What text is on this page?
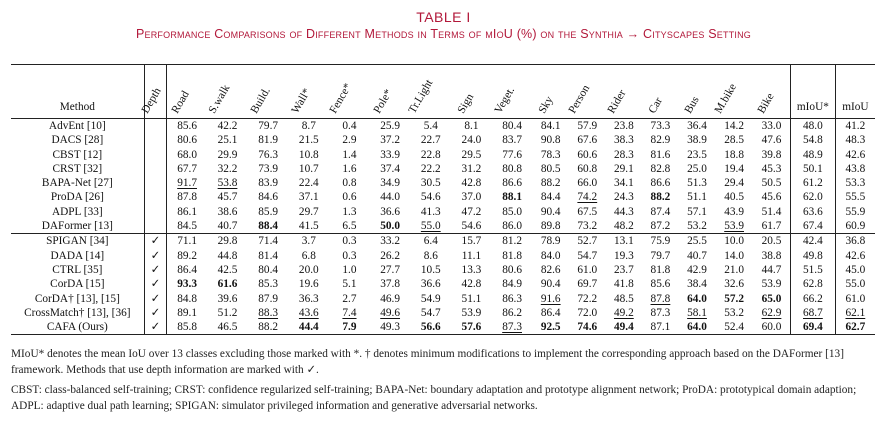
TABLE I
Performance Comparisons of Different Methods in Terms of mIoU (%) on the Synthia → Cityscapes Setting
Method	Depth	Road	S.walk	Build.	Wall*	Fence*	Pole*	Tr.Light	Sign	Veget.	Sky	Person	Rider	Car	Bus	M.bike	Bike	mIoU*	mIoU
AdvEnt [10]		85.6	42.2	79.7	8.7	0.4	25.9	5.4	8.1	80.4	84.1	57.9	23.8	73.3	36.4	14.2	33.0	48.0	41.2
DACS [28]		80.6	25.1	81.9	21.5	2.9	37.2	22.7	24.0	83.7	90.8	67.6	38.3	82.9	38.9	28.5	47.6	54.8	48.3
CBST [12]		68.0	29.9	76.3	10.8	1.4	33.9	22.8	29.5	77.6	78.3	60.6	28.3	81.6	23.5	18.8	39.8	48.9	42.6
CRST [32]		67.7	32.2	73.9	10.7	1.6	37.4	22.2	31.2	80.8	80.5	60.8	29.1	82.8	25.0	19.4	45.3	50.1	43.8
BAPA-Net [27]		91.7	53.8	83.9	22.4	0.8	34.9	30.5	42.8	86.6	88.2	66.0	34.1	86.6	51.3	29.4	50.5	61.2	53.3
ProDA [26]		87.8	45.7	84.6	37.1	0.6	44.0	54.6	37.0	88.1	84.4	74.2	24.3	88.2	51.1	40.5	45.6	62.0	55.5
ADPL [33]		86.1	38.6	85.9	29.7	1.3	36.6	41.3	47.2	85.0	90.4	67.5	44.3	87.4	57.1	43.9	51.4	63.6	55.9
DAFormer [13]		84.5	40.7	88.4	41.5	6.5	50.0	55.0	54.6	86.0	89.8	73.2	48.2	87.2	53.2	53.9	61.7	67.4	60.9
SPIGAN [34]	✓	71.1	29.8	71.4	3.7	0.3	33.2	6.4	15.7	81.2	78.9	52.7	13.1	75.9	25.5	10.0	20.5	42.4	36.8
DADA [14]	✓	89.2	44.8	81.4	6.8	0.3	26.2	8.6	11.1	81.8	84.0	54.7	19.3	79.7	40.7	14.0	38.8	49.8	42.6
CTRL [35]	✓	86.4	42.5	80.4	20.0	1.0	27.7	10.5	13.3	80.6	82.6	61.0	23.7	81.8	42.9	21.0	44.7	51.5	45.0
CorDA [15]	✓	93.3	61.6	85.3	19.6	5.1	37.8	36.6	42.8	84.9	90.4	69.7	41.8	85.6	38.4	32.6	53.9	62.8	55.0
CorDA† [13], [15]	✓	84.8	39.6	87.9	36.3	2.7	46.9	54.9	51.1	86.3	91.6	72.2	48.5	87.8	64.0	57.2	65.0	66.2	61.0
CrossMatch† [13], [36]	✓	89.1	51.2	88.3	43.6	7.4	49.6	54.7	53.9	86.2	86.4	72.0	49.2	87.3	58.1	53.2	62.9	68.7	62.1
CAFA (Ours)	✓	85.8	46.5	88.2	44.4	7.9	49.3	56.6	57.6	87.3	92.5	74.6	49.4	87.1	64.0	52.4	60.0	69.4	62.7
MIoU* denotes the mean IoU over 13 classes excluding those marked with *. † denotes minimum modifications to implement the corresponding approach based on the DAFormer [13] framework. Methods that use depth information are marked with ✓.
CBST: class-balanced self-training; CRST: confidence regularized self-training; BAPA-Net: boundary adaptation and prototype alignment network; ProDA: prototypical domain adaption; ADPL: adaptive dual path learning; SPIGAN: simulator privileged information and generative adversarial networks.
